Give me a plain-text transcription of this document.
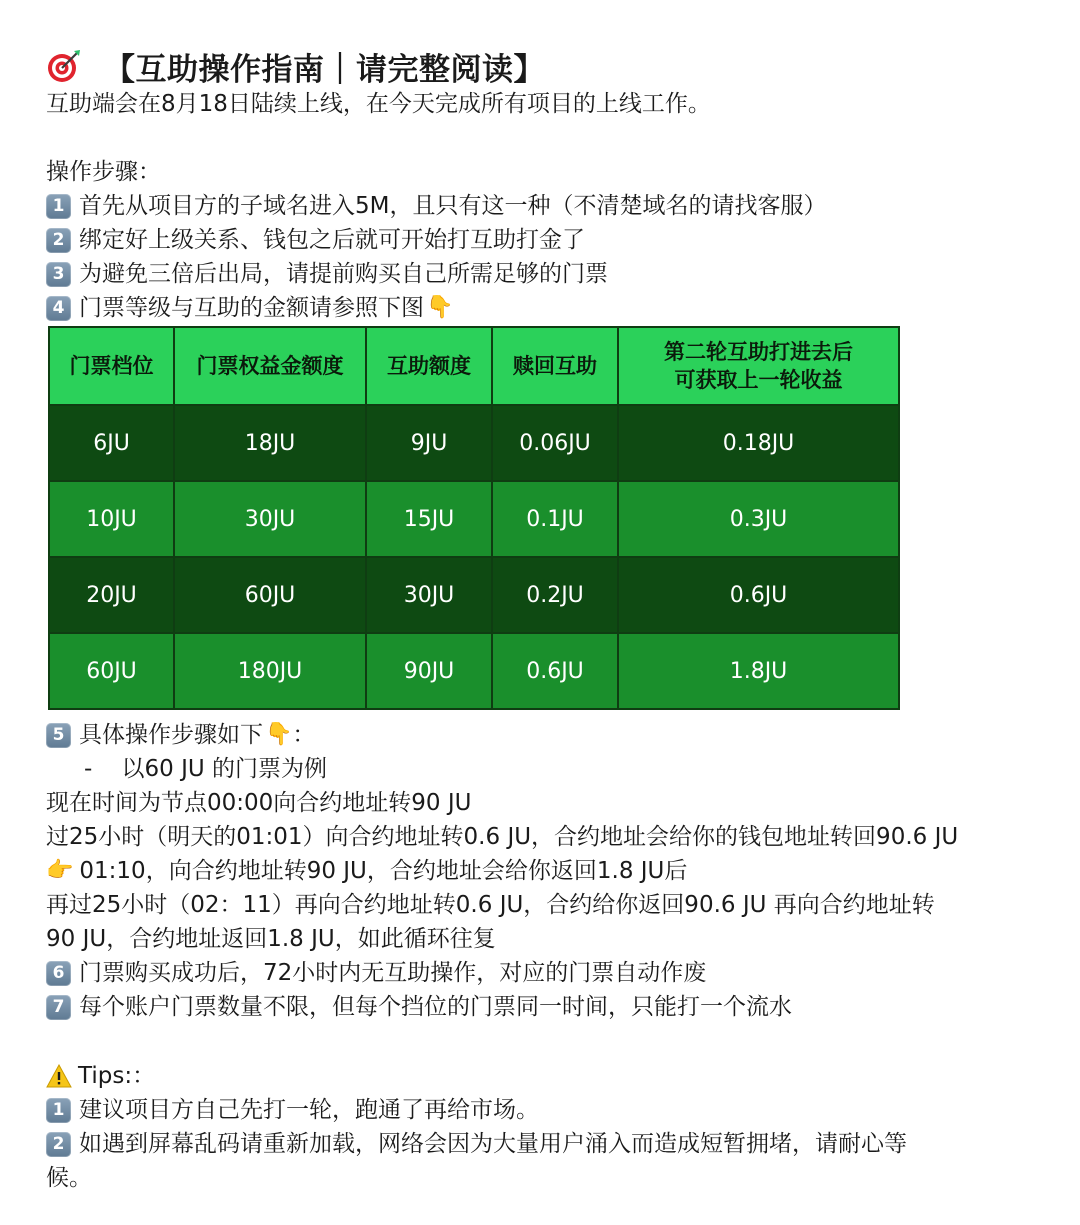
【互助操作指南｜请完整阅读】
互助端会在8月18日陆续上线，在今天完成所有项目的上线工作。
操作步骤：
1 首先从项目方的子域名进入5M，且只有这一种（不清楚域名的请找客服）
2 绑定好上级关系、钱包之后就可开始打互助打金了
3 为避免三倍后出局，请提前购买自己所需足够的门票
4 门票等级与互助的金额请参照下图 👇
门票档位	门票权益金额度	互助额度	赎回互助	第二轮互助打进去后
可获取上一轮收益

6JU	18JU	9JU	0.06JU	0.18JU
10JU	30JU	15JU	0.1JU	0.3JU
20JU	60JU	30JU	0.2JU	0.6JU
60JU	180JU	90JU	0.6JU	1.8JU
5 具体操作步骤如下 👇 ：
-    以60 JU 的门票为例
现在时间为节点00:00向合约地址转90 JU
过25小时（明天的01:01）向合约地址转0.6 JU，合约地址会给你的钱包地址转回90.6 JU
👉 01:10，向合约地址转90 JU，合约地址会给你返回1.8 JU后
再过25小时（02：11）再向合约地址转0.6 JU，合约给你返回90.6 JU 再向合约地址转
90 JU，合约地址返回1.8 JU，如此循环往复
6 门票购买成功后，72小时内无互助操作，对应的门票自动作废
7 每个账户门票数量不限，但每个挡位的门票同一时间，只能打一个流水
Tips:：
1 建议项目方自己先打一轮，跑通了再给市场。
2 如遇到屏幕乱码请重新加载，网络会因为大量用户涌入而造成短暂拥堵，请耐心等
候。
